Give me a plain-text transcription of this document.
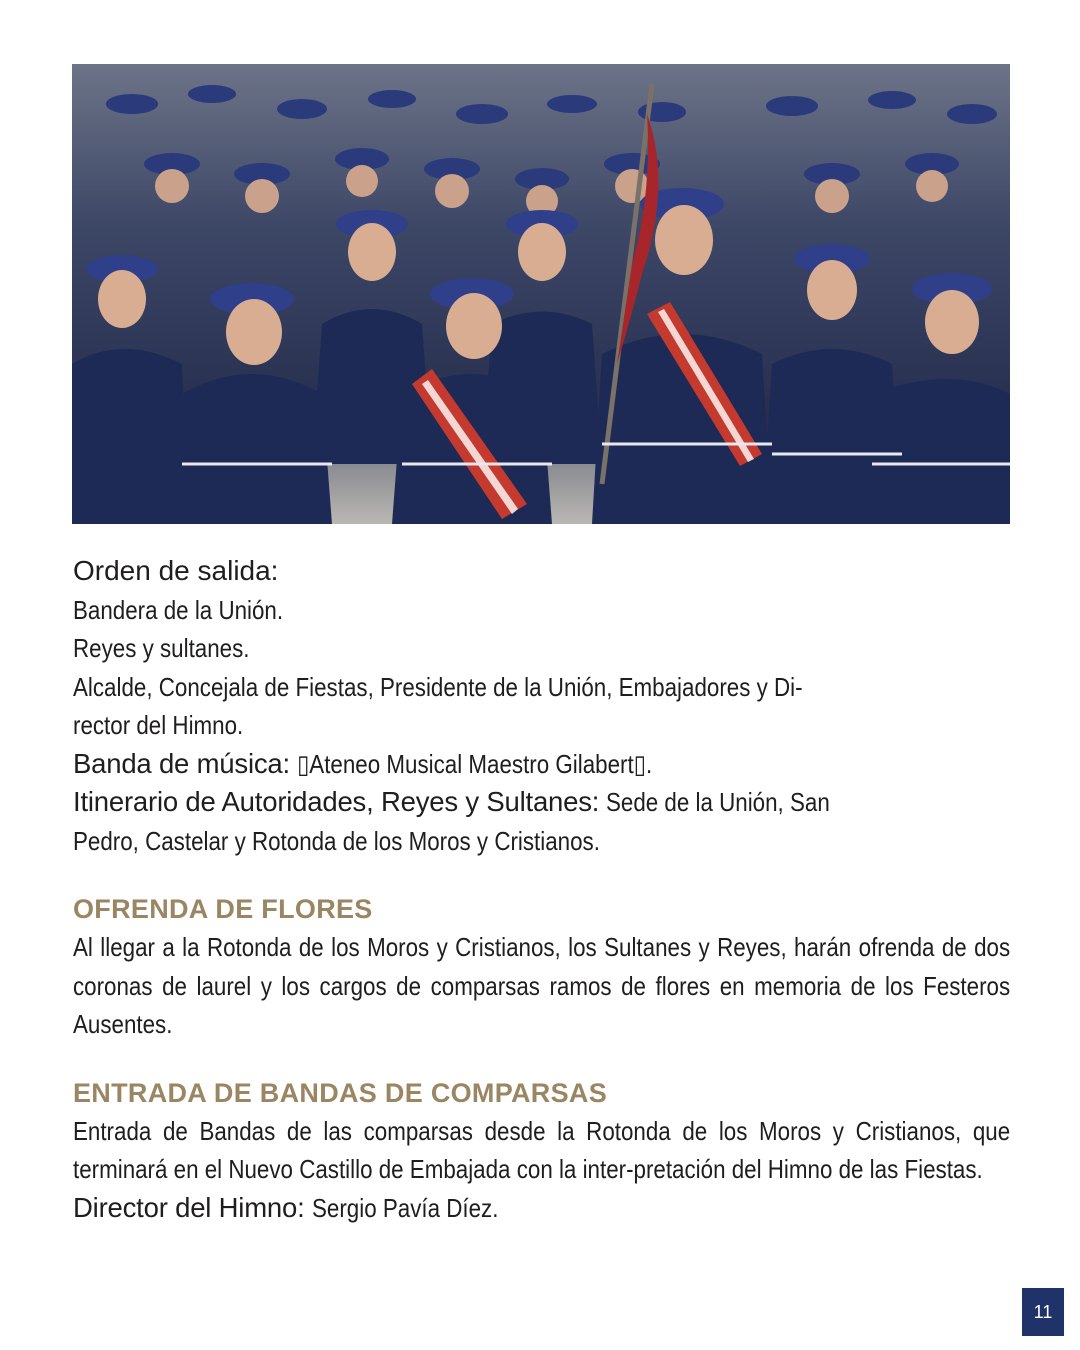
Orden de salida:

Bandera de la Unión.

Reyes y sultanes.

Alcalde, Concejala de Fiestas, Presidente de la Unión, Embajadores y Di-

rector del Himno.

Banda de música: ▯Ateneo Musical Maestro Gilabert▯.

Itinerario de Autoridades, Reyes y Sultanes: Sede de la Unión, San

Pedro, Castelar y Rotonda de los Moros y Cristianos.

OFRENDA DE FLORES

Al llegar a la Rotonda de los Moros y Cristianos, los Sultanes y Reyes, harán ofrenda de dos coronas de laurel y los cargos de comparsas ramos de flores en memoria de los Festeros Ausentes.

ENTRADA DE BANDAS DE COMPARSAS

Entrada de Bandas de las comparsas desde la Rotonda de los Moros y Cristianos, que terminará en el Nuevo Castillo de Embajada con la inter-pretación del Himno de las Fiestas.

Director del Himno: Sergio Pavía Díez.

11
